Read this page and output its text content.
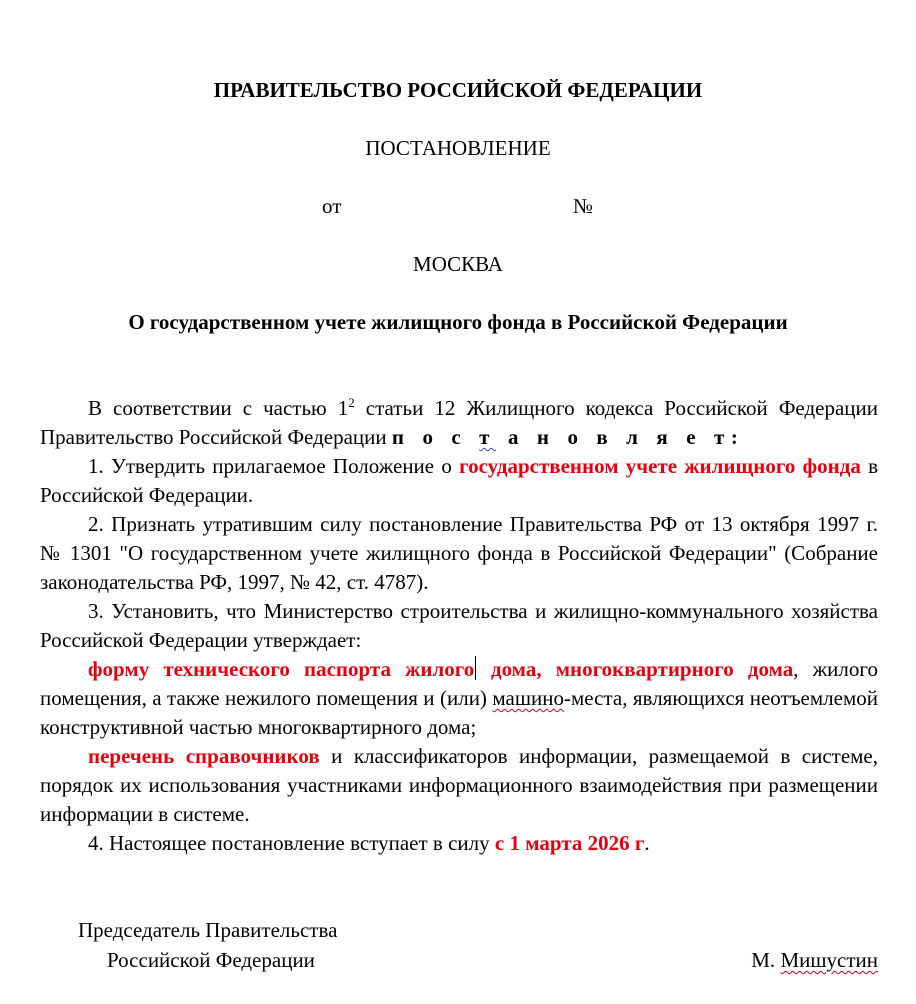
ПРАВИТЕЛЬСТВО РОССИЙСКОЙ ФЕДЕРАЦИИ
ПОСТАНОВЛЕНИЕ
от	№
МОСКВА
О государственном учете жилищного фонда в Российской Федерации
В соответствии с частью $1^2$ статьи 12 Жилищного кодекса Российской Федерации Правительство Российской Федерации п о с т а н о в л я е т:
1. Утвердить прилагаемое Положение о государственном учете жилищного фонда в Российской Федерации.
2. Признать утратившим силу постановление Правительства РФ от 13 октября 1997 г. № 1301 "О государственном учете жилищного фонда в Российской Федерации" (Собрание законодательства РФ, 1997, № 42, ст. 4787).
3. Установить, что Министерство строительства и жилищно-коммунального хозяйства Российской Федерации утверждает:
форму технического паспорта жилого дома, многоквартирного дома, жилого помещения, а также нежилого помещения и (или) машино-места, являющихся неотъемлемой конструктивной частью многоквартирного дома;
перечень справочников и классификаторов информации, размещаемой в системе, порядок их использования участниками информационного взаимодействия при размещении информации в системе.
4. Настоящее постановление вступает в силу с 1 марта 2026 г.
Председатель Правительства
Российской Федерации	М. Мишустин
